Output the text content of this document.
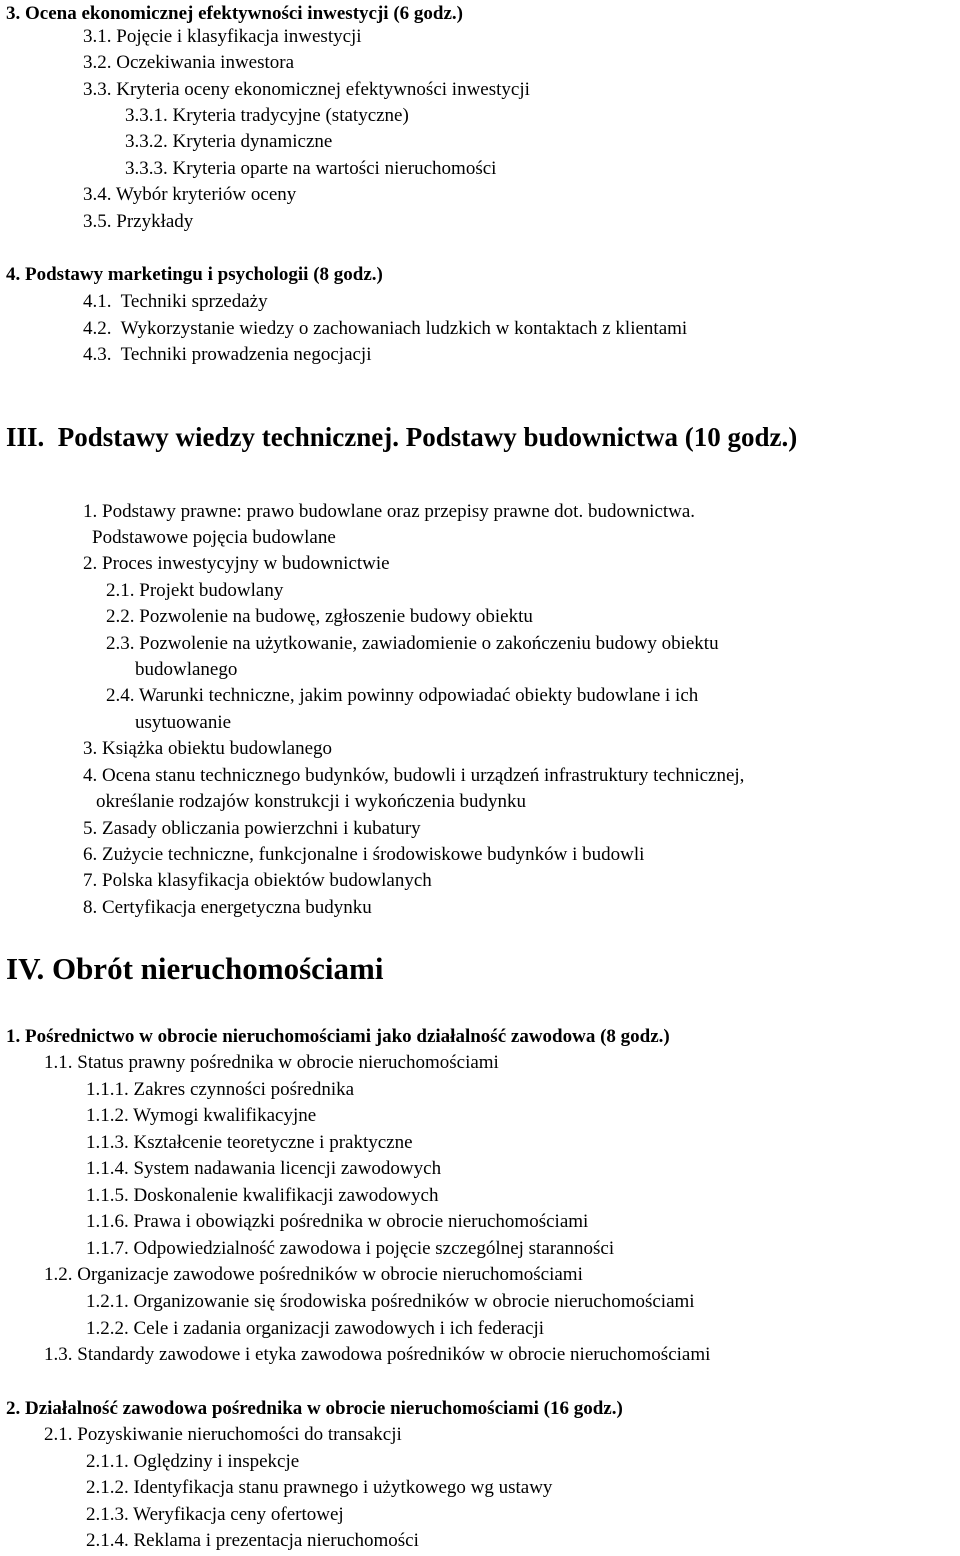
3. Ocena ekonomicznej efektywności inwestycji (6 godz.)
3.1. Pojęcie i klasyfikacja inwestycji
3.2. Oczekiwania inwestora
3.3. Kryteria oceny ekonomicznej efektywności inwestycji
3.3.1. Kryteria tradycyjne (statyczne)
3.3.2. Kryteria dynamiczne
3.3.3. Kryteria oparte na wartości nieruchomości
3.4. Wybór kryteriów oceny
3.5. Przykłady
4. Podstawy marketingu i psychologii (8 godz.)
4.1.  Techniki sprzedaży
4.2.  Wykorzystanie wiedzy o zachowaniach ludzkich w kontaktach z klientami
4.3.  Techniki prowadzenia negocjacji
III.  Podstawy wiedzy technicznej. Podstawy budownictwa (10 godz.)
1. Podstawy prawne: prawo budowlane oraz przepisy prawne dot. budownictwa.
Podstawowe pojęcia budowlane
2. Proces inwestycyjny w budownictwie
2.1. Projekt budowlany
2.2. Pozwolenie na budowę, zgłoszenie budowy obiektu
2.3. Pozwolenie na użytkowanie, zawiadomienie o zakończeniu budowy obiektu
budowlanego
2.4. Warunki techniczne, jakim powinny odpowiadać obiekty budowlane i ich
usytuowanie
3. Książka obiektu budowlanego
4. Ocena stanu technicznego budynków, budowli i urządzeń infrastruktury technicznej,
określanie rodzajów konstrukcji i wykończenia budynku
5. Zasady obliczania powierzchni i kubatury
6. Zużycie techniczne, funkcjonalne i środowiskowe budynków i budowli
7. Polska klasyfikacja obiektów budowlanych
8. Certyfikacja energetyczna budynku
IV. Obrót nieruchomościami
1. Pośrednictwo w obrocie nieruchomościami jako działalność zawodowa (8 godz.)
1.1. Status prawny pośrednika w obrocie nieruchomościami
1.1.1. Zakres czynności pośrednika
1.1.2. Wymogi kwalifikacyjne
1.1.3. Kształcenie teoretyczne i praktyczne
1.1.4. System nadawania licencji zawodowych
1.1.5. Doskonalenie kwalifikacji zawodowych
1.1.6. Prawa i obowiązki pośrednika w obrocie nieruchomościami
1.1.7. Odpowiedzialność zawodowa i pojęcie szczególnej staranności
1.2. Organizacje zawodowe pośredników w obrocie nieruchomościami
1.2.1. Organizowanie się środowiska pośredników w obrocie nieruchomościami
1.2.2. Cele i zadania organizacji zawodowych i ich federacji
1.3. Standardy zawodowe i etyka zawodowa pośredników w obrocie nieruchomościami
2. Działalność zawodowa pośrednika w obrocie nieruchomościami (16 godz.)
2.1. Pozyskiwanie nieruchomości do transakcji
2.1.1. Oględziny i inspekcje
2.1.2. Identyfikacja stanu prawnego i użytkowego wg ustawy
2.1.3. Weryfikacja ceny ofertowej
2.1.4. Reklama i prezentacja nieruchomości
